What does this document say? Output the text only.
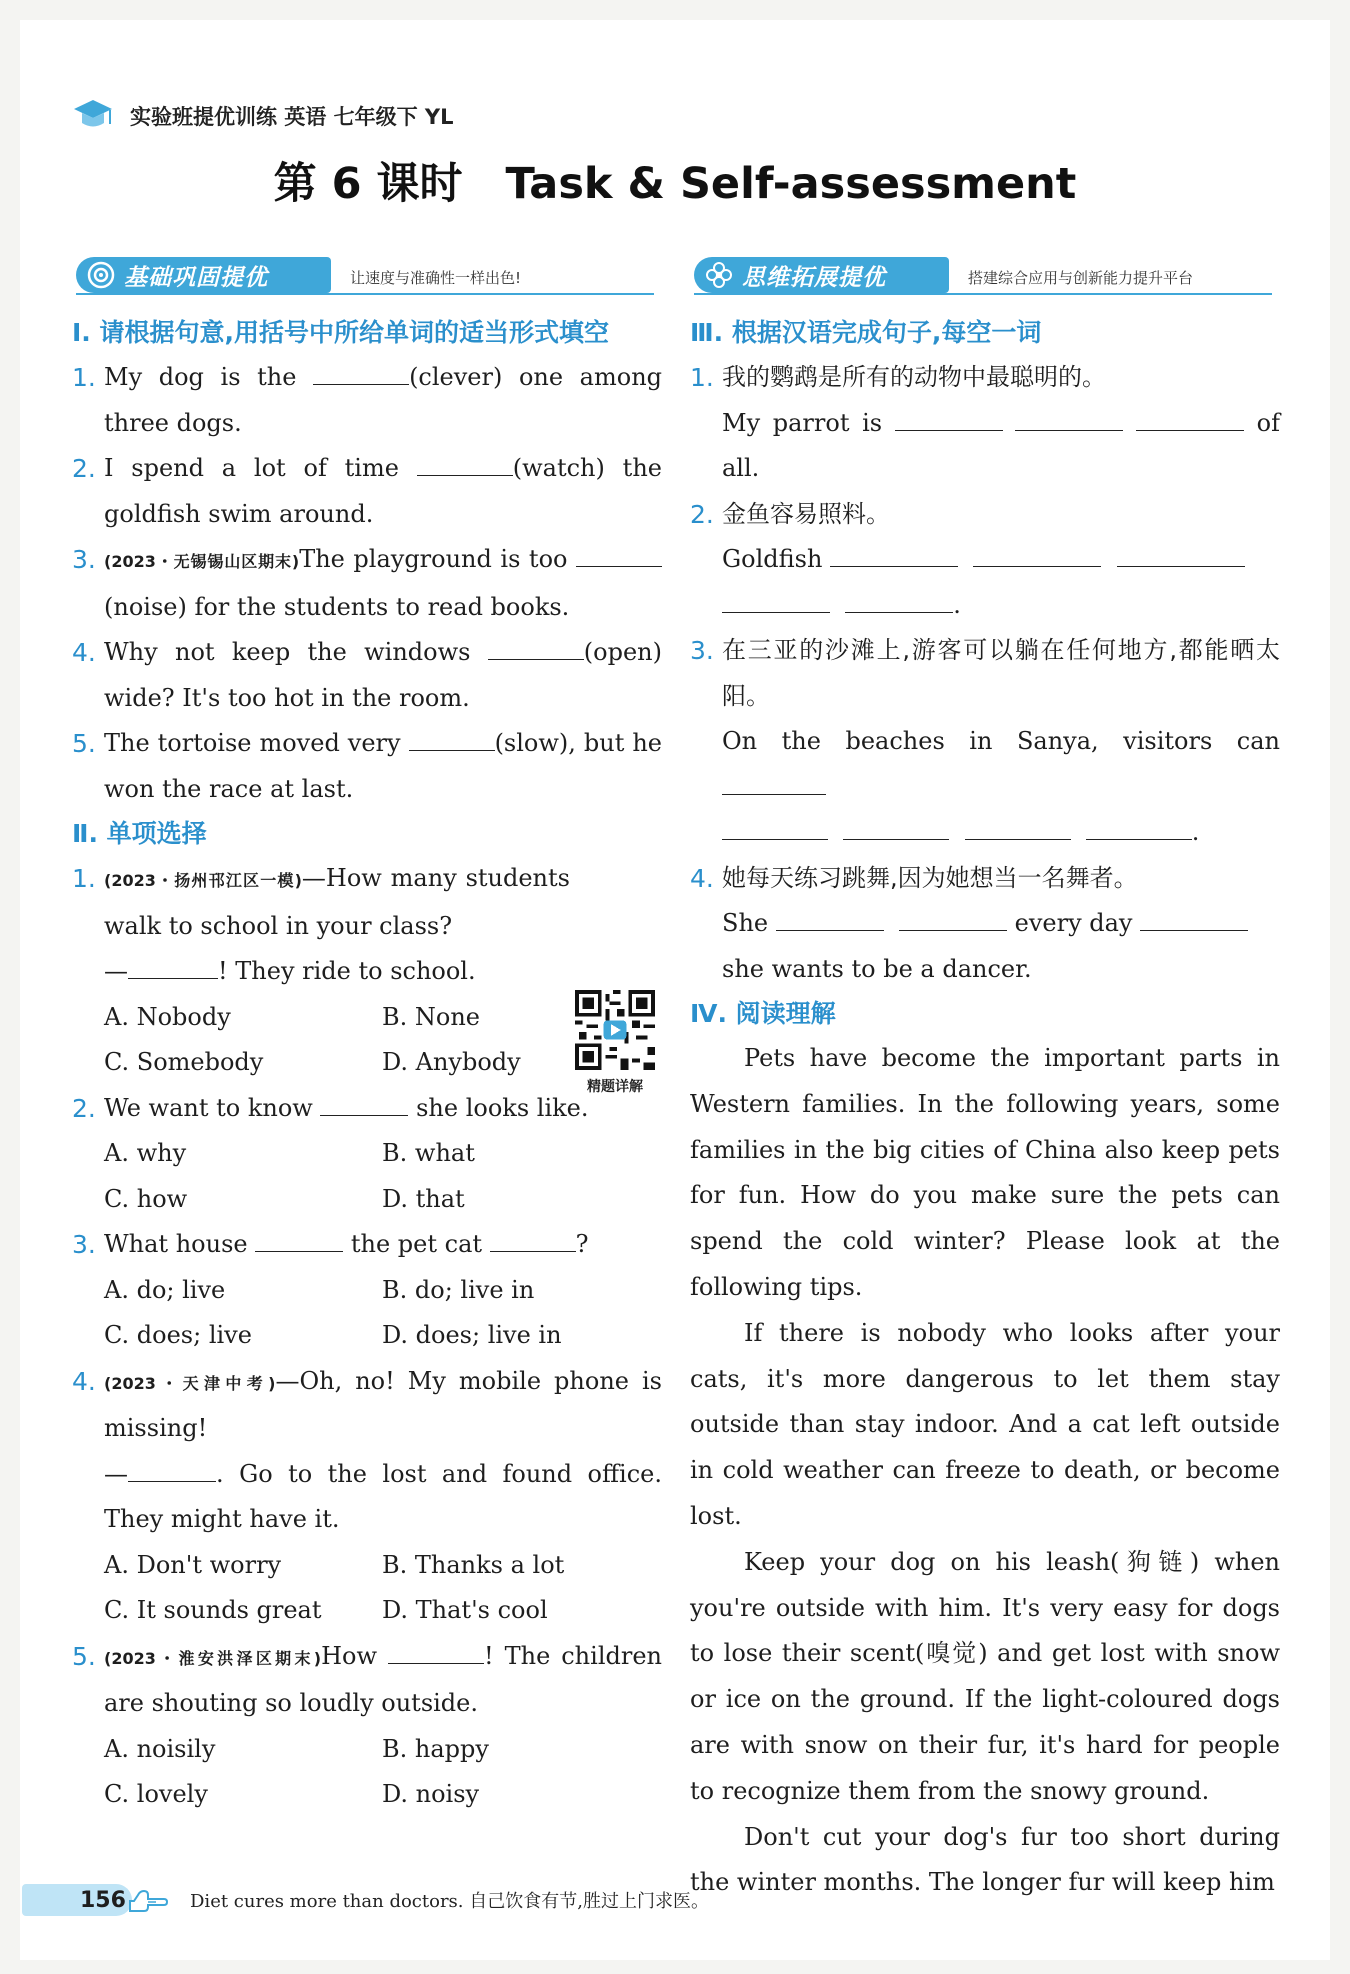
实验班提优训练 英语 七年级下 YL
第 6 课时　Task & Self-assessment
基础巩固提优	让速度与准确性一样出色!
Ⅰ. 请根据句意,用括号中所给单词的适当形式填空
1. My dog is the	(clever) one among three dogs.
2. I spend a lot of time	(watch) the goldfish swim around.
3. (2023・无锡锡山区期末)The playground is too (noise) for the students to read books.
4. Why not keep the windows	(open) wide? It's too hot in the room.
5. The tortoise moved very	(slow), but he won the race at last.
Ⅱ. 单项选择
1. (2023・扬州邗江区一模)—How many students walk to school in your class?
—	! They ride to school.
A. Nobody	B. None
C. Somebody	D. Anybody
2. We want to know	she looks like.
A. why	B. what
C. how	D. that
3. What house	the pet cat	?
A. do; live	B. do; live in
C. does; live	D. does; live in
4. (2023・天津中考)—Oh, no! My mobile phone is missing!
—	. Go to the lost and found office. They might have it.
A. Don't worry	B. Thanks a lot
C. It sounds great	D. That's cool
5. (2023・淮安洪泽区期末)How	! The children are shouting so loudly outside.
A. noisily	B. happy
C. lovely	D. noisy
精题详解
思维拓展提优	搭建综合应用与创新能力提升平台
Ⅲ. 根据汉语完成句子,每空一词
1. 我的鹦鹉是所有的动物中最聪明的。
My parrot is	of all.
2. 金鱼容易照料。
Goldfish
.
3. 在三亚的沙滩上,游客可以躺在任何地方,都能晒太阳。
On the beaches in Sanya, visitors can
.
4. 她每天练习跳舞,因为她想当一名舞者。
She	every day
she wants to be a dancer.
Ⅳ. 阅读理解

Pets have become the important parts in Western families. In the following years, some families in the big cities of China also keep pets for fun. How do you make sure the pets can spend the cold winter? Please look at the following tips.

If there is nobody who looks after your cats, it's more dangerous to let them stay outside than stay indoor. And a cat left outside in cold weather can freeze to death, or become lost.

Keep your dog on his leash(狗链) when you're outside with him. It's very easy for dogs to lose their scent(嗅觉) and get lost with snow or ice on the ground. If the light-coloured dogs are with snow on their fur, it's hard for people to recognize them from the snowy ground.

Don't cut your dog's fur too short during the winter months. The longer fur will keep him

156	Diet cures more than doctors. 自己饮食有节,胜过上门求医。
